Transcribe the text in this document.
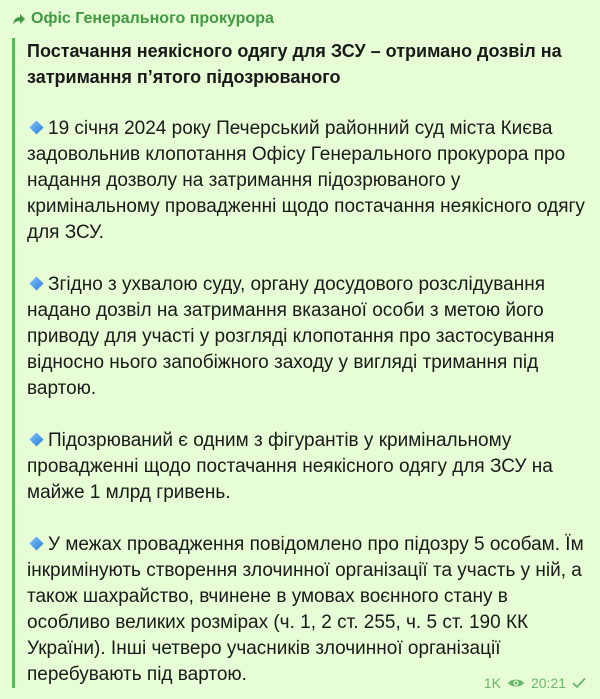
Офіс Генерального прокурора

Постачання неякісного одягу для ЗСУ – отримано дозвіл на затримання п’ятого підозрюваного

19 січня 2024 року Печерський районний суд міста Києва задовольнив клопотання Офісу Генерального прокурора про надання дозволу на затримання підозрюваного у кримінальному провадженні щодо постачання неякісного одягу для ЗСУ.

Згідно з ухвалою суду, органу досудового розслідування надано дозвіл на затримання вказаної особи з метою його приводу для участі у розгляді клопотання про застосування відносно нього запобіжного заходу у вигляді тримання під вартою.

Підозрюваний є одним з фігурантів у кримінальному провадженні щодо постачання неякісного одягу для ЗСУ на майже 1 млрд гривень.

У межах провадження повідомлено про підозру 5 особам. Їм інкримінують створення злочинної організації та участь у ній, а також шахрайство, вчинене в умовах воєнного стану в особливо великих розмірах (ч. 1, 2 ст. 255, ч. 5 ст. 190 КК України). Інші четверо учасників злочинної організації перебувають під вартою.	1K 20:21
